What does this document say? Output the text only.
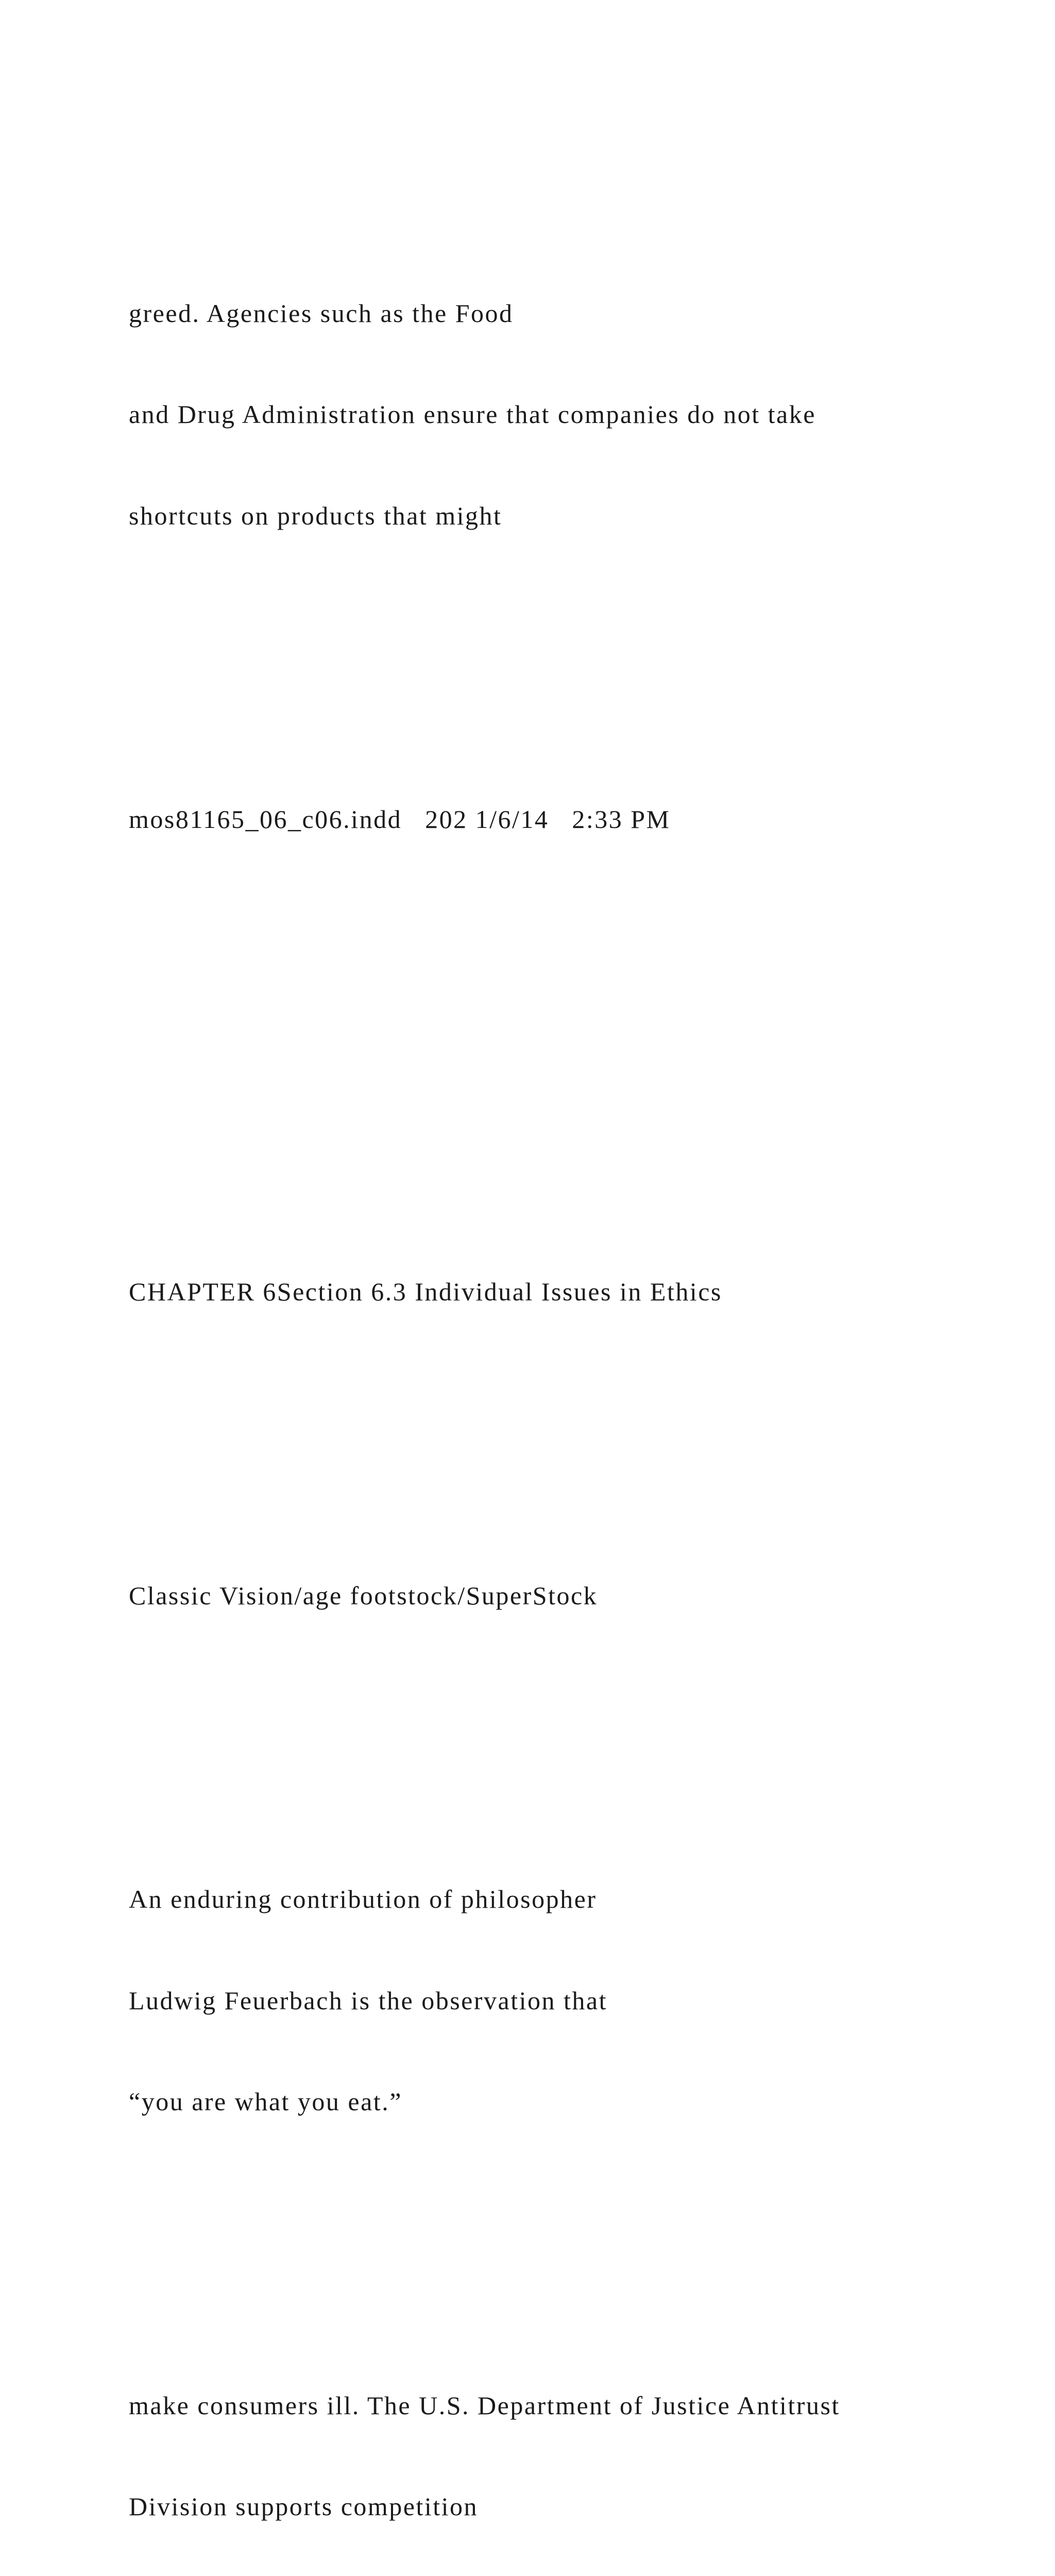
greed. Agencies such as the Food

and Drug Administration ensure that companies do not take

shortcuts on products that might

mos81165_06_c06.indd   202 1/6/14   2:33 PM

CHAPTER 6Section 6.3 Individual Issues in Ethics

Classic Vision/age footstock/SuperStock

An enduring contribution of philosopher

Ludwig Feuerbach is the observation that

“you are what you eat.”

make consumers ill. The U.S. Department of Justice Antitrust

Division supports competition
